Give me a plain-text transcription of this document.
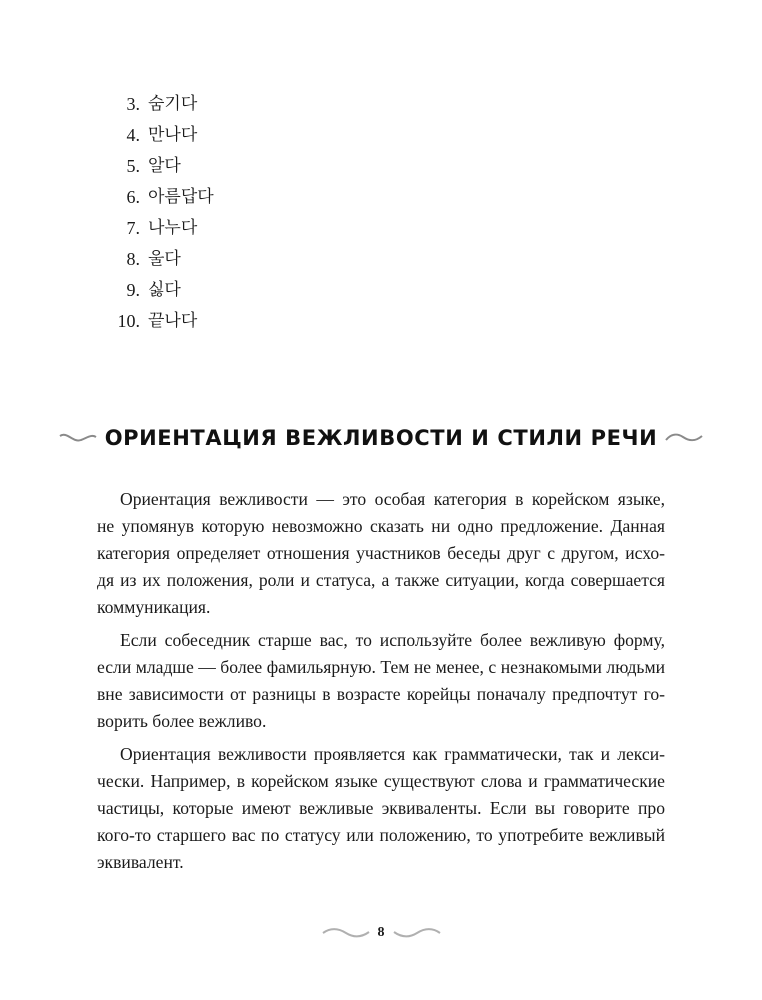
3. 숨기다
4. 만나다
5. 알다
6. 아름답다
7. 나누다
8. 울다
9. 싫다
10. 끝나다
ОРИЕНТАЦИЯ ВЕЖЛИВОСТИ И СТИЛИ РЕЧИ
Ориентация вежливости — это особая категория в корейском языке,
не упомянув которую невозможно сказать ни одно предложение. Данная
категория определяет отношения участников беседы друг с другом, исхо-
дя из их положения, роли и статуса, а также ситуации, когда совершается
коммуникация.
Если собеседник старше вас, то используйте более вежливую форму,
если младше — более фамильярную. Тем не менее, с незнакомыми людьми
вне зависимости от разницы в возрасте корейцы поначалу предпочтут го-
ворить более вежливо.
Ориентация вежливости проявляется как грамматически, так и лекси-
чески. Например, в корейском языке существуют слова и грамматические
частицы, которые имеют вежливые эквиваленты. Если вы говорите про
кого-то старшего вас по статусу или положению, то употребите вежливый
эквивалент.
8
